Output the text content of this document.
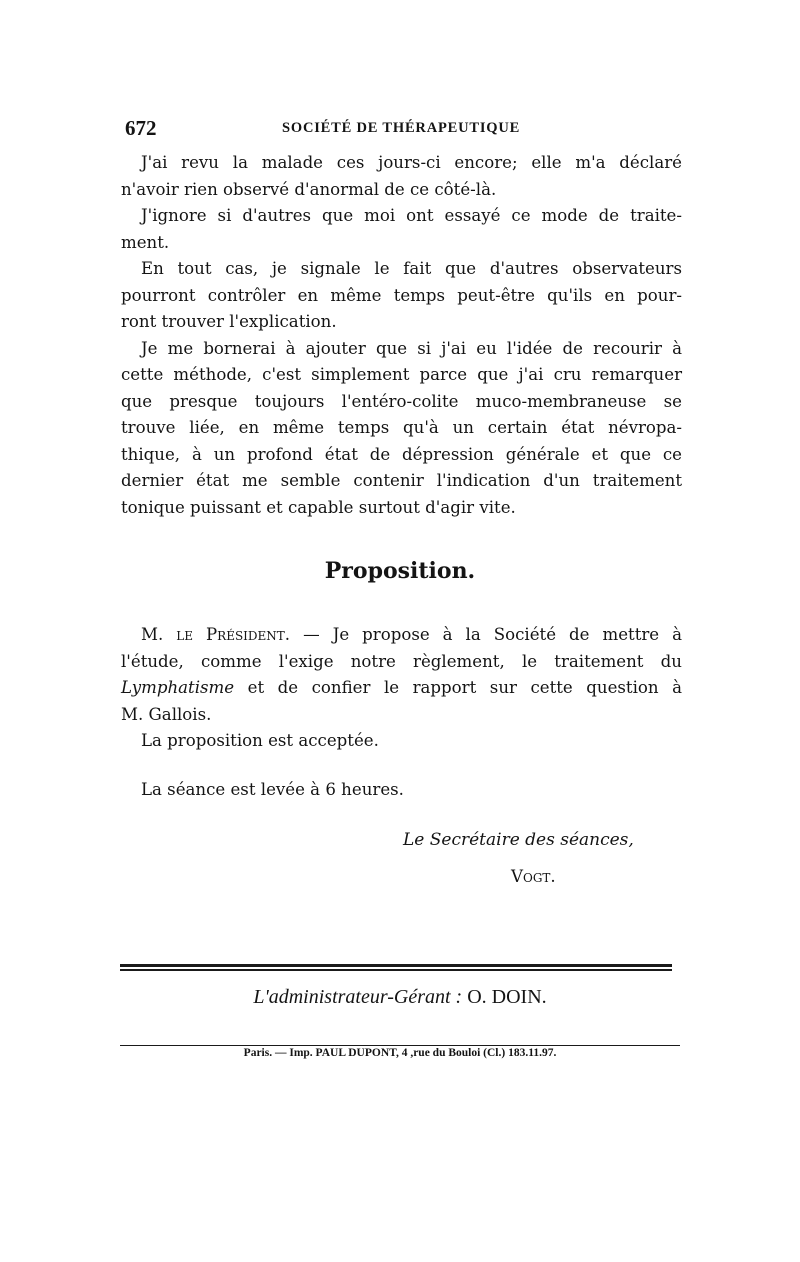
672	SOCIÉTÉ DE THÉRAPEUTIQUE
J'ai revu la malade ces jours-ci encore; elle m'a déclaré
n'avoir rien observé d'anormal de ce côté-là.
J'ignore si d'autres que moi ont essayé ce mode de traite-
ment.
En tout cas, je signale le fait que d'autres observateurs
pourront contrôler en même temps peut-être qu'ils en pour-
ront trouver l'explication.
Je me bornerai à ajouter que si j'ai eu l'idée de recourir à
cette méthode, c'est simplement parce que j'ai cru remarquer
que presque toujours l'entéro-colite muco-membraneuse se
trouve liée, en même temps qu'à un certain état névropa-
thique, à un profond état de dépression générale et que ce
dernier état me semble contenir l'indication d'un traitement
tonique puissant et capable surtout d'agir vite.
Proposition.
M. le Président. — Je propose à la Société de mettre à
l'étude, comme l'exige notre règlement, le traitement du
Lymphatisme et de confier le rapport sur cette question à
M. Gallois.
La proposition est acceptée.
La séance est levée à 6 heures.
Le Secrétaire des séances,
Vogt.
L'administrateur-Gérant : O. DOIN.
Paris. — Imp. PAUL DUPONT, 4 ,rue du Bouloi (Cl.) 183.11.97.
